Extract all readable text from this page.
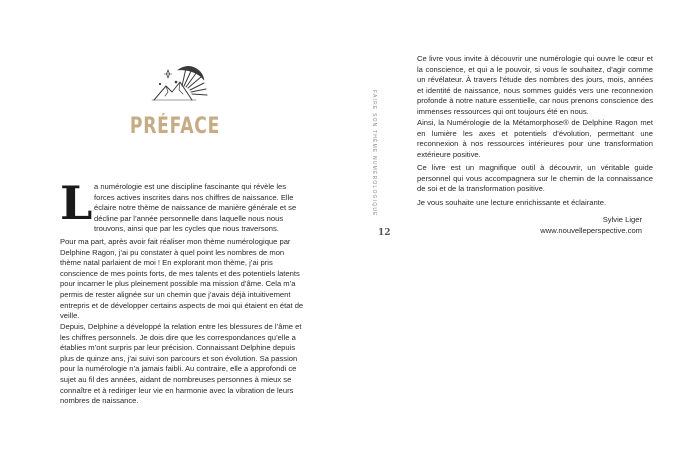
PRÉFACE
L a numérologie est une discipline fascinante qui révèle les forces actives inscrites dans nos chiffres de naissance. Elle éclaire notre thème de naissance de manière générale et se décline par l’année personnelle dans laquelle nous nous trouvons, ainsi que par les cycles que nous traversons.

Pour ma part, après avoir fait réaliser mon thème numérologique par Delphine Ragon, j’ai pu constater à quel point les nombres de mon thème natal parlaient de moi ! En explorant mon thème, j’ai pris conscience de mes points forts, de mes talents et des potentiels latents pour incarner le plus pleinement possible ma mission d’âme. Cela m’a permis de rester alignée sur un chemin que j’avais déjà intuitivement entrepris et de développer certains aspects de moi qui étaient en état de veille.

Depuis, Delphine a développé la relation entre les blessures de l’âme et les chiffres personnels. Je dois dire que les correspondances qu’elle a établies m’ont surpris par leur précision. Connaissant Delphine depuis plus de quinze ans, j’ai suivi son parcours et son évolution. Sa passion pour la numérologie n’a jamais faibli. Au contraire, elle a approfondi ce sujet au fil des années, aidant de nombreuses personnes à mieux se connaître et à rediriger leur vie en harmonie avec la vibration de leurs nombres de naissance.

FAIRE SON THÈME NUMÉROLOGIQUE
12

Ce livre vous invite à découvrir une numérologie qui ouvre le cœur et la conscience, et qui a le pouvoir, si vous le souhaitez, d’agir comme un révélateur. À travers l’étude des nombres des jours, mois, années et identité de naissance, nous sommes guidés vers une reconnexion profonde à notre nature essentielle, car nous prenons conscience des immenses ressources qui ont toujours été en nous.

Ainsi, la Numérologie de la Métamorphose® de Delphine Ragon met en lumière les axes et potentiels d’évolution, permettant une reconnexion à nos ressources intérieures pour une transformation extérieure positive.

Ce livre est un magnifique outil à découvrir, un véritable guide personnel qui vous accompagnera sur le chemin de la connaissance de soi et de la transformation positive.

Je vous souhaite une lecture enrichissante et éclairante.

Sylvie Liger
www.nouvelleperspective.com
